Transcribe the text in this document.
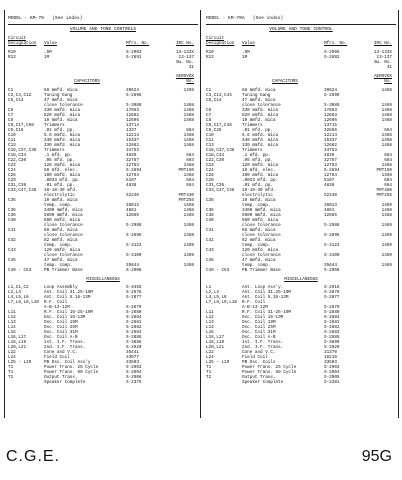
MODEL - KM-70   (See index)
VOLUME AND TONE CONTROLS
Circuit
Designation	Value	Mfrs. No.	IRC No.
R10	.5M	S-2903	13-133X
R13	1M	S-2891	13-137
Sw. No.
31
CAPACITORS
AEROVOX
No.
C1	68 mmfd. mica	39624	1469
C3,C4,C12	Tuning Gang	S-2896
C5,C14	47 mmfd. mica
close tolerance	S-3089	1468
C6	330 mmfd. mica	17863	1468
C7	820 mmfd. mica	12682	1468
C8	10 mmfd. mica	12696	1468
C9,C17,C68	Trimmers	13714
C9,C16	.01 mfd. pp.	1337	684
C10	5.6 mmfd. mica	12214	1468
C11	340 mmfd. mica	15337	1468
C13	330 mmfd. mica	12682	1468
C16,C37,C38	Trimmers	34753
C18,C34	.1 mfd. pp.	4839	684
C22,C30	.05 mfd. pp.	32787	684
C23	120 mmfd. mica	12763	1468
C24	50 mfd. elec.	S-2894	PRT150
C28	100 mmfd. mica	12764	1468
C29	.0033 mfd. pp.	5107	684
C31,C36	.01 mfd. pp.	4838	684
C33,C47,C48	10-10-30 mfd.
electrolytic	S2240	PRT430
C35	10 mmfd. mica	PRT255
temp. comp.	36013	1469
C36	3400 mmfd. mica	4881	1468
C38	5600 mmfd. mica	12865	1468
C40	680 mmfd. mica
close tolerance	S-2988	1469
C41	68 mmfd. mica
close tolerance	S-2895	1469
C42	82 mmfd. mica
temp. comp.	S-3123	1469
C43	120 mmfd. mica
close tolerance	S-3100	1469
C45	47 mmfd. mica
temp. comp.	35644	1469
C49 - C53	PB Trimmer Base	S-2908
MISCELLANEOUS
L1,C1,C2	Loop Assembly	S-3455
L2,L3	Ant. Coil 31.25-19M	S-2878
L4,L5,L6	Ant. Coil 5.16-13M	S-2877
L7,L8,L9,L10	R.F. Coil
A-B-13-12M	S-2879
L11	R.F. Coil 16-25-19M	S-2880
L12	Osc. Coil 16-13M	S-2884
L13	Osc. Coil 19M	S-2881
L14	Osc. Coil 25M	S-2882
L15	Osc. Coil 31M	S-2883
L16,L17	Osc. Coil A-B	S-2885
L18,L19	1st. I.F. Trans.	S-3886
L20,L21	2nd. I.F. Trans.	S-2920
L22	Cone and V.C.	35441
L24	Field Coil	33077
L25 - L29	PB Osc. Coil Ass'y	33503
T1	Power Trans. 25 Cycle	S-2903
T1	Power Trans. 60 Cycle	S-2904
T2	Output Trans.	S-2906
Speaker Complete	S-2375
MODEL - KM-70A   (See index)
VOLUME AND TONE CONTROL
Circuit
Designation	Value	Mfrs. No.	IRC No.
R10	.5M	S-2906	13-133X
R13	1M	S-2892	13-137
Sw. No.
31
CAPACITORS
AEROVOX
No.
C1	68 mmfd. mica	39624	1468
C3,C13,C44	Tuning Gang	S-2899
C5,C14	47 mmfd. mica
close tolerance	S-3089	1469
C6	330 mmfd. mica	17863	1468
C7	820 mmfd. mica	12683	1468
C8	10 mmfd. mica	12696	1468
C9,C17,C48	Trimmers	13715
C9,C26	.01 mfd. pp.	32556	684
C10	5.6 mmfd. mica	12214	1468
C11	340 mmfd. mica	15337	1468
C13	330 mmfd. mica	12682	1468
C16,C37,C38	Trimmers	34753
C18,C34	.1 mfd. pp.	4839	684
C22,C30	.05 mfd. pp.	32787	684
C23	120 mmfd. mica	12763	1468
C24	10 mfd. elec.	S-2894	PRT150
C28	100 mmfd. mica	12764	1468
C29	.0033 mfd. pp.	5107	684
C31,C36	.01 mfd. pp.	4838	684
C33,C47,C48	10-10-30 mfd.	PRT480
electrolytic	S2240	PRT255
C35	10 mmfd. mica
temp. comp.	36013	1469
C36	3400 mmfd. mica	4881	1468
C38	5600 mmfd. mica	12865	1468
C40	680 mmfd. mica
close tolerance	S-2988	1469
C41	68 mmfd. mica
close tolerance	S-2895	1469
C42	82 mmfd. mica
temp. comp.	S-3123	1469
C43	120 mmfd. mica
close tolerance	S-3100	1469
C45	47 mmfd. mica
temp. comp.	35644	1469
C49 - C53	PB Trimmer Base	S-2908
MISCELLANEOUS
L1	Ant. Loop Ass'y.	S-2916
L2,L3	Ant. Coil 31.25-19M	S-2878
L4,L5,L6	Ant. Coil 5.16-13M	S-2877
L7,L8,L9,L10	R.F. Coil
A-B-13-12M	S-2879
L11	R.F. Coil 31-25-19M	S-2880
L12	Osc. Coil 16-13M	S-2884
L13	Osc. Coil 19M	S-2881
L14	Osc. Coil 25M	S-2882
L15	Osc. Coil 31M	S-2883
L16,L17	Osc. Coil A-B	S-2885
L18,L19	1st. I.F. Trans.	S-3899
L20,L21	2nd. I.F. Trans.	S-2920
L22	Cone and V.C.	31370
L24	Field Coil	18210
L25 - L29	PB Osc. Coils	33503
T1	Power Trans. 25 Cycle	S-2903
T1	Power Trans. 60 Cycle	S-2904
T2	Output Trans.	S-2905
Speaker Complete	S-2381
C.G.E.	95G
